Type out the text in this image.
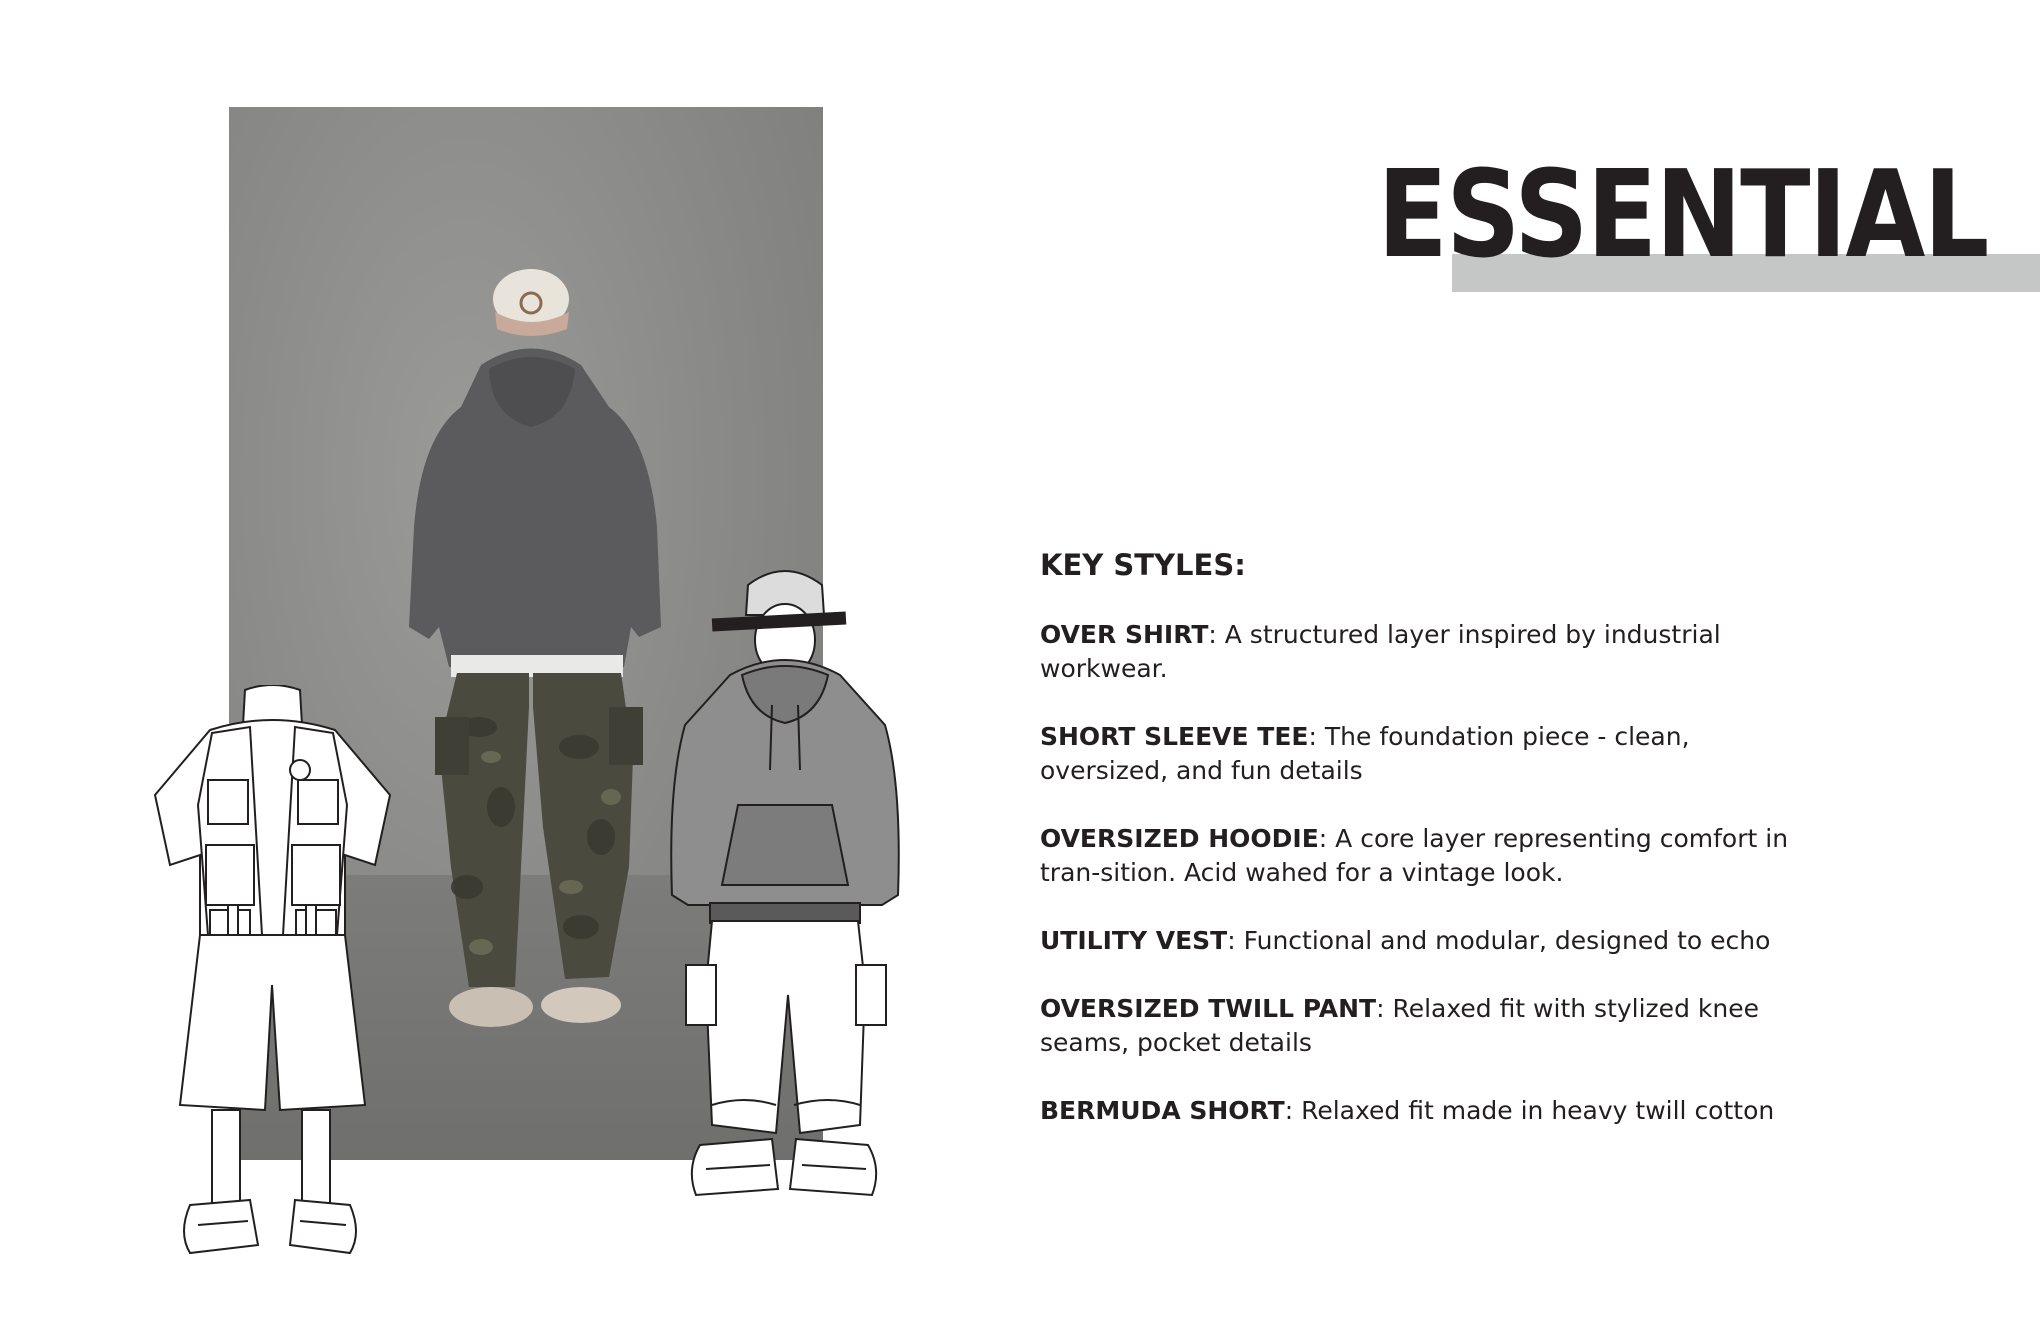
ESSENTIAL

KEY STYLES:

OVER SHIRT: A structured layer inspired by industrial workwear.

SHORT SLEEVE TEE: The foundation piece - clean, oversized, and fun details

OVERSIZED HOODIE: A core layer representing comfort in tran-sition. Acid wahed for a vintage look.

UTILITY VEST: Functional and modular, designed to echo

OVERSIZED TWILL PANT: Relaxed fit with stylized knee seams, pocket details

BERMUDA SHORT: Relaxed fit made in heavy twill cotton
